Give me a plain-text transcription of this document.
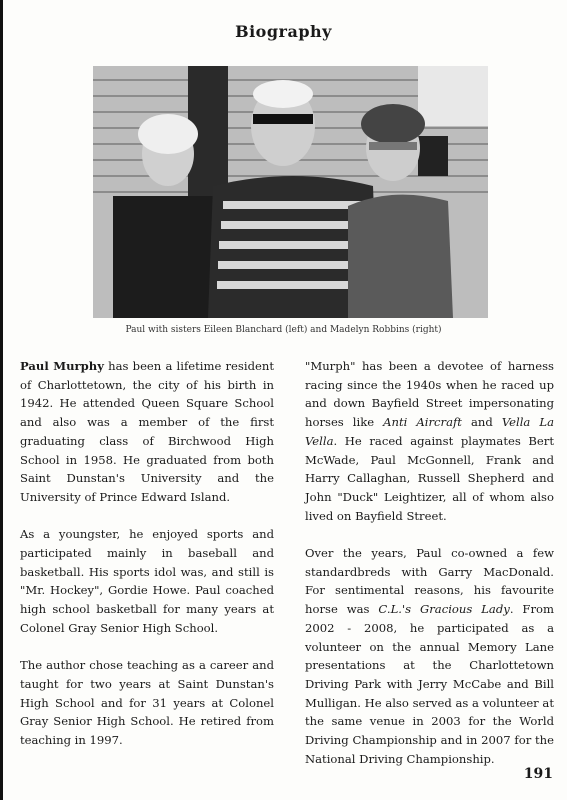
Biography
Paul with sisters Eileen Blanchard (left) and Madelyn Robbins (right)

Paul Murphy has been a lifetime resident of Charlottetown, the city of his birth in 1942. He attended Queen Square School and also was a member of the first graduating class of Birchwood High School in 1958. He graduated from both Saint Dunstan's University and the University of Prince Edward Island.

As a youngster, he enjoyed sports and participated mainly in baseball and basketball. His sports idol was, and still is "Mr. Hockey", Gordie Howe. Paul coached high school basketball for many years at Colonel Gray Senior High School.

The author chose teaching as a career and taught for two years at Saint Dunstan's High School and for 31 years at Colonel Gray Senior High School. He retired from teaching in 1997.

"Murph" has been a devotee of harness racing since the 1940s when he raced up and down Bayfield Street impersonating horses like Anti Aircraft and Vella La Vella. He raced against playmates Bert McWade, Paul McGonnell, Frank and Harry Callaghan, Russell Shepherd and John "Duck" Leightizer, all of whom also lived on Bayfield Street.

Over the years, Paul co-owned a few standardbreds with Garry MacDonald. For sentimental reasons, his favourite horse was C.L.'s Gracious Lady. From 2002 - 2008, he participated as a volunteer on the annual Memory Lane presentations at the Charlottetown Driving Park with Jerry McCabe and Bill Mulligan. He also served as a volunteer at the same venue in 2003 for the World Driving Championship and in 2007 for the National Driving Championship.

191
